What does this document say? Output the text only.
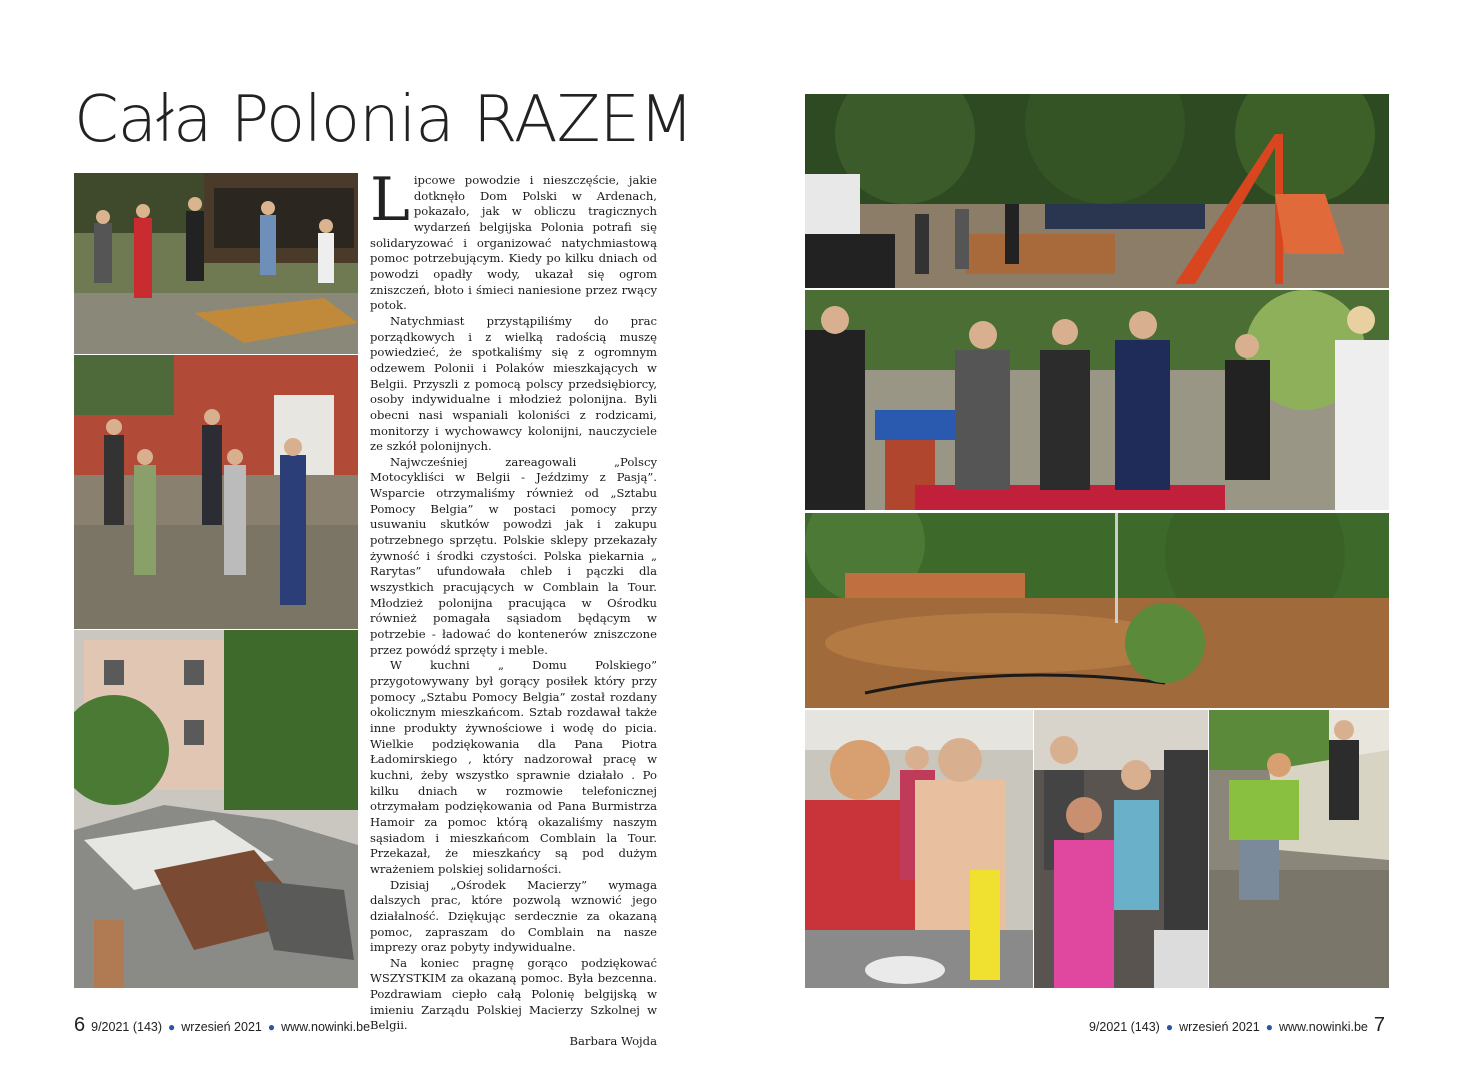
Cała Polonia RAZEM

Lipcowe powodzie i nieszczęście, jakie dotknęło Dom Polski w Ardenach, pokazało, jak w obliczu tragicznych wydarzeń belgijska Polonia potrafi się solidaryzować i organizować natychmiastową pomoc potrzebującym. Kiedy po kilku dniach od powodzi opadły wody, ukazał się ogrom zniszczeń, błoto i śmieci naniesione przez rwący potok.

Natychmiast przystąpiliśmy do prac porządkowych i z wielką radością muszę powiedzieć, że spotkaliśmy się z ogromnym odzewem Polonii i Polaków mieszkających w Belgii. Przyszli z pomocą polscy przedsiębiorcy, osoby indywidualne i młodzież polonijna. Byli obecni nasi wspaniali koloniści z rodzicami, monitorzy i wychowawcy kolonijni, nauczyciele ze szkół polonijnych.

Najwcześniej zareagowali „Polscy Motocykliści w Belgii - Jeździmy z Pasją”. Wsparcie otrzymaliśmy również od „Sztabu Pomocy Belgia” w postaci pomocy przy usuwaniu skutków powodzi jak i zakupu potrzebnego sprzętu. Polskie sklepy przekazały żywność i środki czystości. Polska piekarnia „ Rarytas” ufundowała chleb i pączki dla wszystkich pracujących w Comblain la Tour. Młodzież polonijna pracująca w Ośrodku również pomagała sąsiadom będącym w potrzebie - ładować do kontenerów zniszczone przez powódź sprzęty i meble.

W kuchni „ Domu Polskiego” przygotowywany był gorący posiłek który przy pomocy „Sztabu Pomocy Belgia” został rozdany okolicznym mieszkańcom. Sztab rozdawał także inne produkty żywnościowe i wodę do picia. Wielkie podziękowania dla Pana Piotra Ładomirskiego , który nadzorował pracę w kuchni, żeby wszystko sprawnie działało . Po kilku dniach w rozmowie telefonicznej otrzymałam podziękowania od Pana Burmistrza Hamoir za pomoc którą okazaliśmy naszym sąsiadom i mieszkańcom Comblain la Tour. Przekazał, że mieszkańcy są pod dużym wrażeniem polskiej solidarności.

Dzisiaj „Ośrodek Macierzy” wymaga dalszych prac, które pozwolą wznowić jego działalność. Dziękując serdecznie za okazaną pomoc, zapraszam do Comblain na nasze imprezy oraz pobyty indywidualne.

Na koniec pragnę gorąco podziękować WSZYSTKIM za okazaną pomoc. Była bezcenna. Pozdrawiam ciepło całą Polonię belgijską w imieniu Zarządu Polskiej Macierzy Szkolnej w Belgii.

Barbara Wojda

6 9/2021 (143) ● wrzesień 2021 ● www.nowinki.be	9/2021 (143) ● wrzesień 2021 ● www.nowinki.be 7
